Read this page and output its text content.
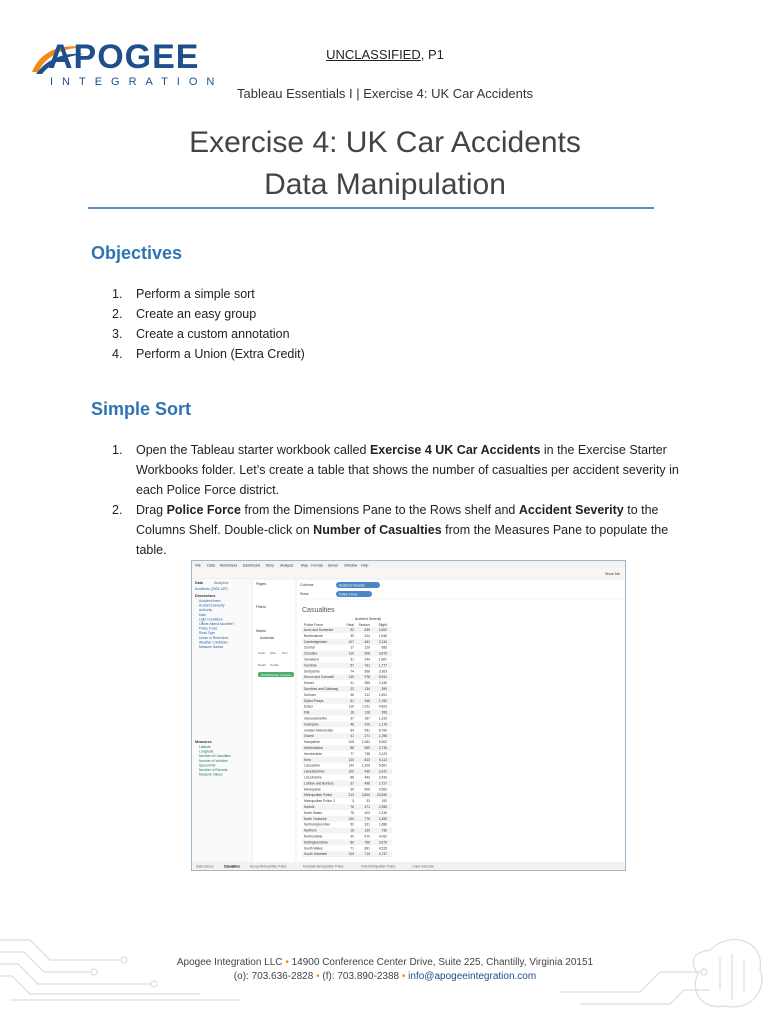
APOGEE
INTEGRATION
UNCLASSIFIED, P1
Tableau Essentials I | Exercise 4: UK Car Accidents
Exercise 4: UK Car Accidents
Data Manipulation
Objectives
1. Perform a simple sort
2. Create an easy group
3. Create a custom annotation
4. Perform a Union (Extra Credit)
Simple Sort
1. Open the Tableau starter workbook called Exercise 4 UK Car Accidents in the Exercise Starter Workbooks folder. Let’s create a table that shows the number of casualties per accident severity in each Police Force district.
2. Drag Police Force from the Dimensions Pane to the Rows shelf and Accident Severity to the Columns Shelf. Double-click on Number of Casualties from the Measures Pane to populate the table.
File Data Worksheet Dashboard Story Analysis Map Format Server Window Help
Show Me
Data	Analytics
Accidents (2005-14P)
Dimensions
Accident Index
Accident Severity
Authority
Date
Light Conditions
Officer Attend Accident?
Police Force
Road Type
Urban or Rural Area
Weather Conditions
Measure Names
Measures
Latitude
Longitude
Number of Casualties
Number of Vehicles
Speed limit
Number of Records
Measure Values
Pages
Filters
Marks
Automatic
Color Size Text
Detail Tooltip
SUM(Number of Casu..
Columns	Accident Severity
Rows	Police Force
Casualties
Accident Severity
Police Force	Fatal Serious	Slight
Avon and Somerset	92	839	4,500
Bedfordshire	39	314	1,946
Cambridgeshire	107	461	3,134
Central	17	129	685
Cheshire	110	608	3,679
Cleveland	31	244	1,967
Cumbria	57	411	1,777
Derbyshire	74	568	3,303
Devon and Cornwall	140	978	5,931
Dorset	41	355	2,436
Dumfries and Galloway	22	134	395
Durham	46	312	1,691
Dyfed-Powys	61	346	1,763
Essex	110 1,011	4,823
Fife	16	128	395
Gloucestershire	37	187	1,319
Grampian	46	379	1,179
Greater Manchester	84	991	8,799
Gwent	41	271	1,296
Hampshire	105 1,062	5,902
Hertfordshire	86	569	3,735
Humberside	77	738	3,129
Kent	120	813	6,113
Lancashire	144 1,209	5,681
Leicestershire	100	439	3,241
Lincolnshire	86	463	2,430
Lothian and Borders	37	496	2,727
Merseyside	35	609	4,553
Metropolitan Police	213 3,804 23,840
Metropolitan Police 2	3	33	152
Norfolk	76	471	2,355
North Wales	78	403	2,246
North Yorkshire	100	776	2,459
Northamptonshire	52	321	1,686
Northern	15	130	736
Northumbria	90	670	4,092
Nottinghamshire	80	756	3,675
South Wales	71	891	4,515
South Yorkshire	100	710	4,737
Data Source	Casualties	Group Metropolitan Police	Annotate Metropolitan Police	Find Metropolitan Police	Union Exercise
Apogee Integration LLC • 14900 Conference Center Drive, Suite 225, Chantilly, Virginia 20151
(o): 703.636-2828 • (f): 703.890-2388 • info@apogeeintegration.com
